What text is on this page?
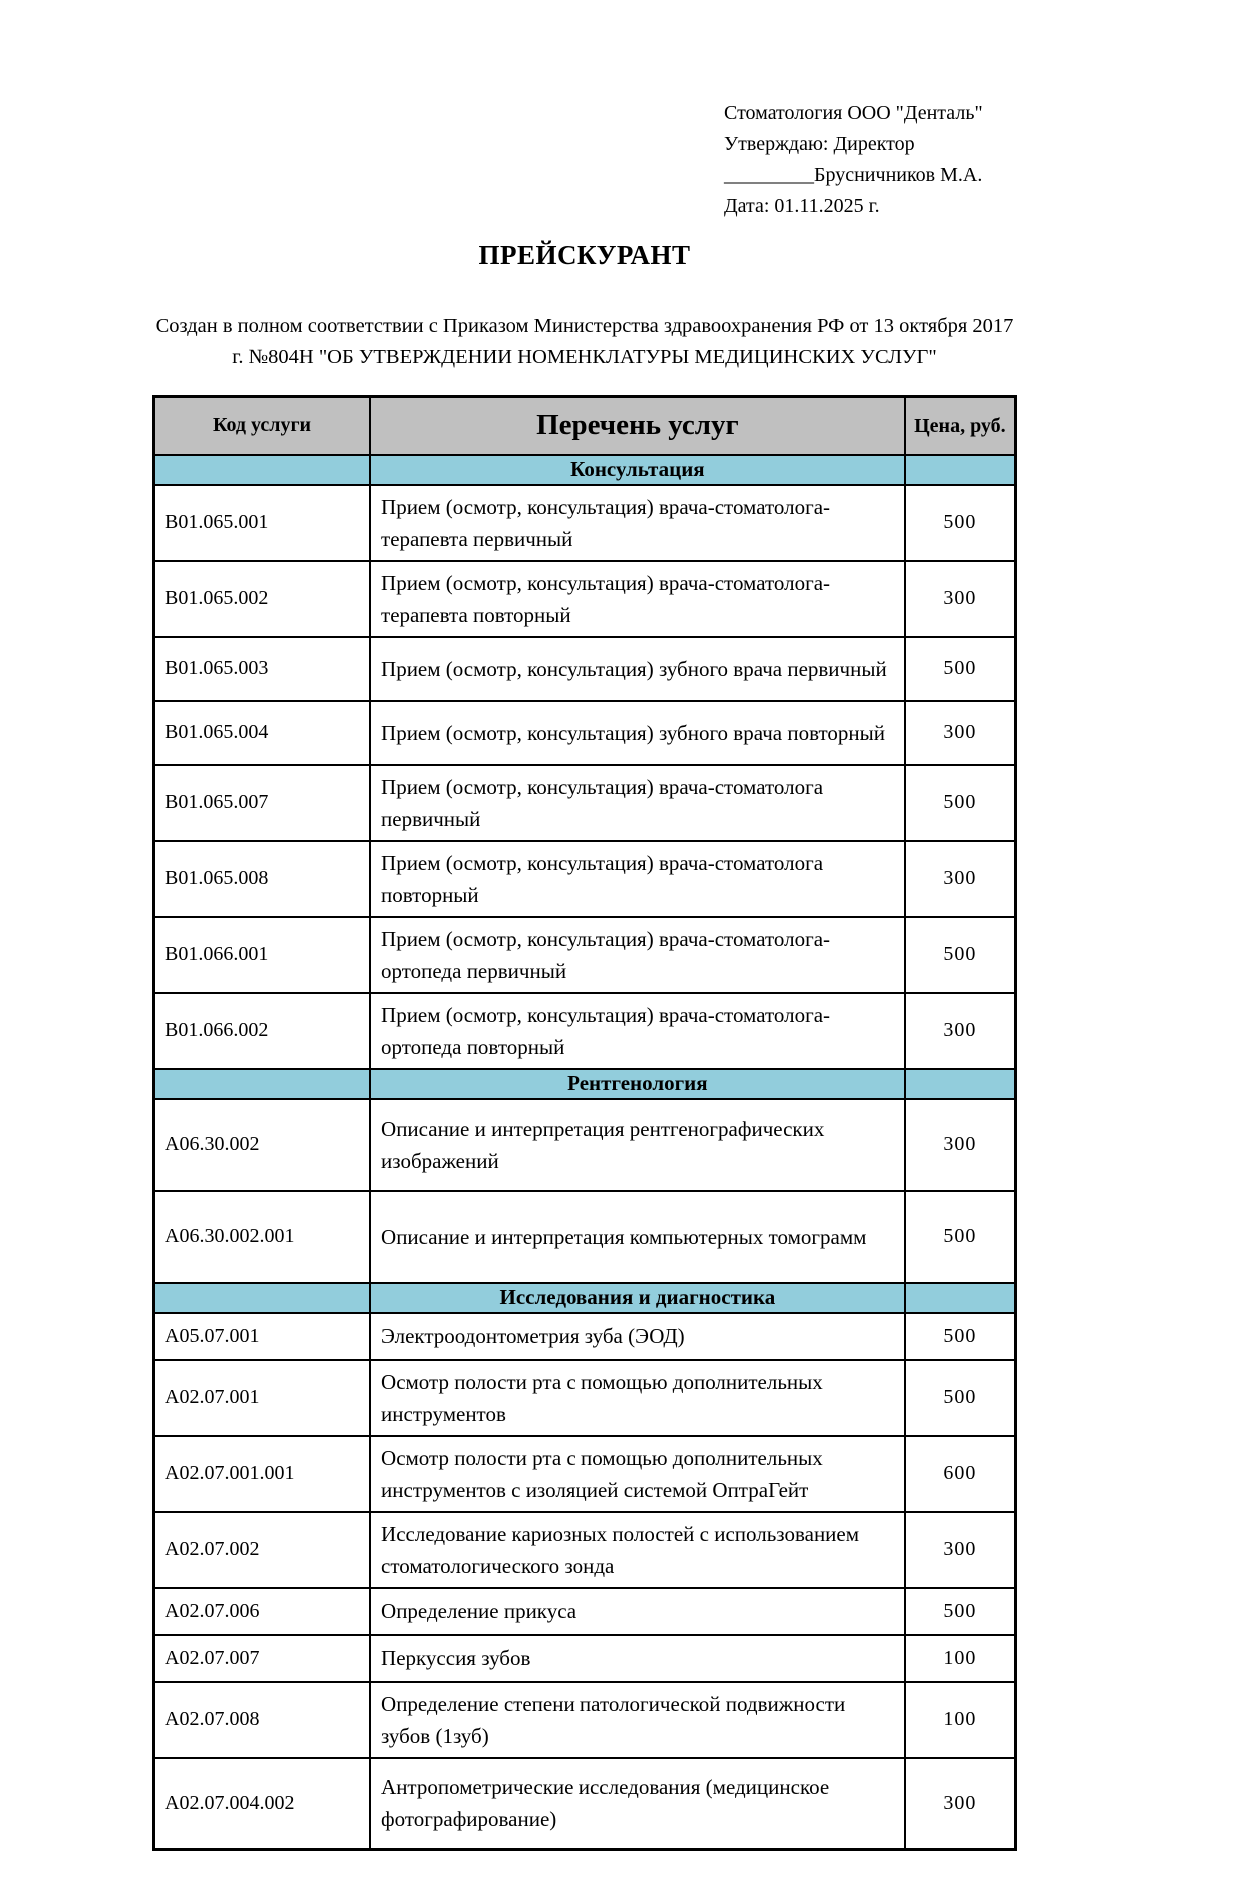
Стоматология ООО "Денталь"
Утверждаю: Директор
_________Брусничников М.А.
Дата: 01.11.2025 г.
ПРЕЙСКУРАНТ

Создан в полном соответствии с Приказом Министерства здравоохранения РФ от 13 октября 2017 г. №804Н "ОБ УТВЕРЖДЕНИИ НОМЕНКЛАТУРЫ МЕДИЦИНСКИХ УСЛУГ"

Код услуги	Перечень услуг	Цена, руб.
	Консультация	
B01.065.001	Прием (осмотр, консультация) врача-стоматолога-терапевта первичный	500
B01.065.002	Прием (осмотр, консультация) врача-стоматолога-терапевта повторный	300
B01.065.003	Прием (осмотр, консультация) зубного врача первичный	500
B01.065.004	Прием (осмотр, консультация) зубного врача повторный	300
B01.065.007	Прием (осмотр, консультация) врача-стоматолога первичный	500
B01.065.008	Прием (осмотр, консультация) врача-стоматолога повторный	300
B01.066.001	Прием (осмотр, консультация) врача-стоматолога-ортопеда первичный	500
B01.066.002	Прием (осмотр, консультация) врача-стоматолога-ортопеда повторный	300
	Рентгенология	
A06.30.002	Описание и интерпретация рентгенографических изображений	300
A06.30.002.001	Описание и интерпретация компьютерных томограмм	500
	Исследования и диагностика	
A05.07.001	Электроодонтометрия зуба (ЭОД)	500
A02.07.001	Осмотр полости рта с помощью дополнительных инструментов	500
A02.07.001.001	Осмотр полости рта с помощью дополнительных инструментов с изоляцией системой ОптраГейт	600
A02.07.002	Исследование кариозных полостей с использованием стоматологического зонда	300
A02.07.006	Определение прикуса	500
A02.07.007	Перкуссия зубов	100
A02.07.008	Определение степени патологической подвижности зубов (1зуб)	100
A02.07.004.002	Антропометрические исследования (медицинское фотографирование)	300
